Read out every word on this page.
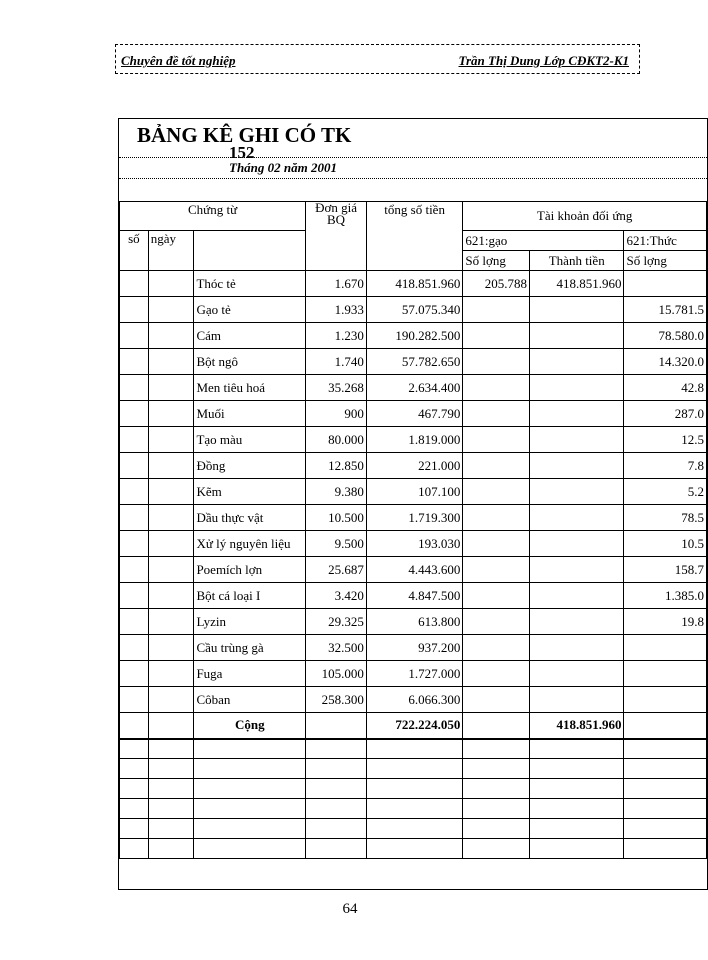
Chuyên đề tốt nghiệp	Trần Thị Dung Lớp CĐKT2-K1
BẢNG KÊ GHI CÓ TK
152
Tháng 02 năm 2001
Chứng từ			Đơn giá BQ	tổng số tiền	Tài khoản đối ứng		
số	ngày				621:gạo		621:Thức
					Số lợng	Thành tiền	Số lợng
		Thóc tẻ	1.670	418.851.960	205.788	418.851.960	
		Gạo tẻ	1.933	57.075.340			15.781.5
		Cám	1.230	190.282.500			78.580.0
		Bột ngô	1.740	57.782.650			14.320.0
		Men tiêu hoá	35.268	2.634.400			42.8
		Muối	900	467.790			287.0
		Tạo màu	80.000	1.819.000			12.5
		Đồng	12.850	221.000			7.8
		Kẽm	9.380	107.100			5.2
		Dầu thực vật	10.500	1.719.300			78.5
		Xử lý nguyên liệu	9.500	193.030			10.5
		Poemích lợn	25.687	4.443.600			158.7
		Bột cá loại I	3.420	4.847.500			1.385.0
		Lyzin	29.325	613.800			19.8
		Cầu trùng gà	32.500	937.200			
		Fuga	105.000	1.727.000			
		Côban	258.300	6.066.300			
		Cộng		722.224.050		418.851.960	

64
